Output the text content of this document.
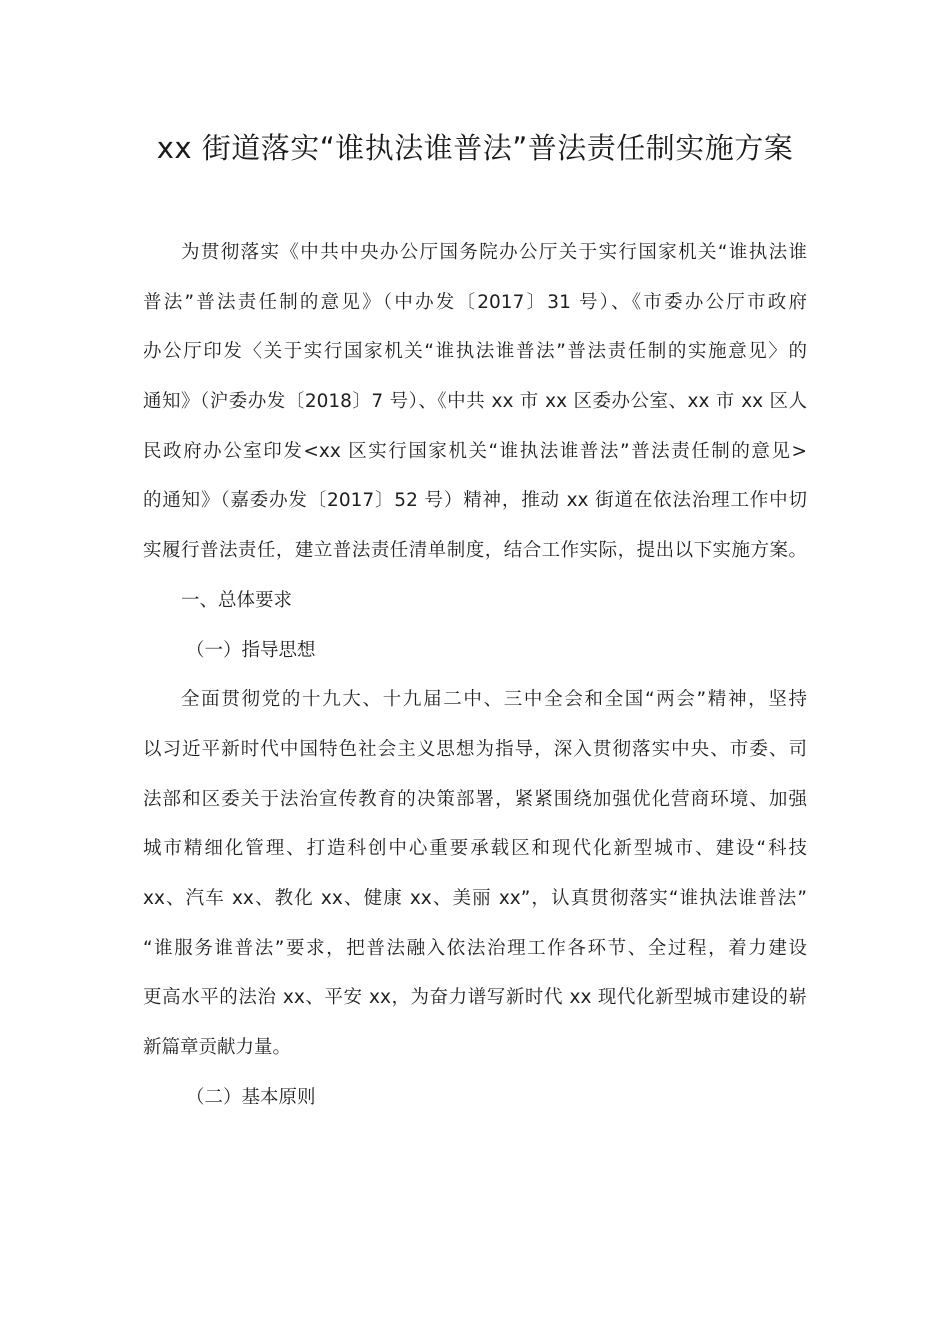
xx 街道落实“谁执法谁普法”普法责任制实施方案
为贯彻落实《中共中央办公厅国务院办公厅关于实行国家机关“谁执法谁
普法”普法责任制的意见》（中办发〔2017〕31 号）、《市委办公厅市政府
办公厅印发〈关于实行国家机关“谁执法谁普法”普法责任制的实施意见〉的
通知》（沪委办发〔2018〕7 号）、《中共 xx 市 xx 区委办公室、xx 市 xx 区人
民政府办公室印发<xx 区实行国家机关“谁执法谁普法”普法责任制的意见>
的通知》（嘉委办发〔2017〕52 号）精神，推动 xx 街道在依法治理工作中切
实履行普法责任，建立普法责任清单制度，结合工作实际，提出以下实施方案。
一、总体要求
（一）指导思想
全面贯彻党的十九大、十九届二中、三中全会和全国“两会”精神，坚持
以习近平新时代中国特色社会主义思想为指导，深入贯彻落实中央、市委、司
法部和区委关于法治宣传教育的决策部署，紧紧围绕加强优化营商环境、加强
城市精细化管理、打造科创中心重要承载区和现代化新型城市、建设“科技
xx、汽车 xx、教化 xx、健康 xx、美丽 xx”，认真贯彻落实“谁执法谁普法”
“谁服务谁普法”要求，把普法融入依法治理工作各环节、全过程，着力建设
更高水平的法治 xx、平安 xx，为奋力谱写新时代 xx 现代化新型城市建设的崭
新篇章贡献力量。
（二）基本原则
